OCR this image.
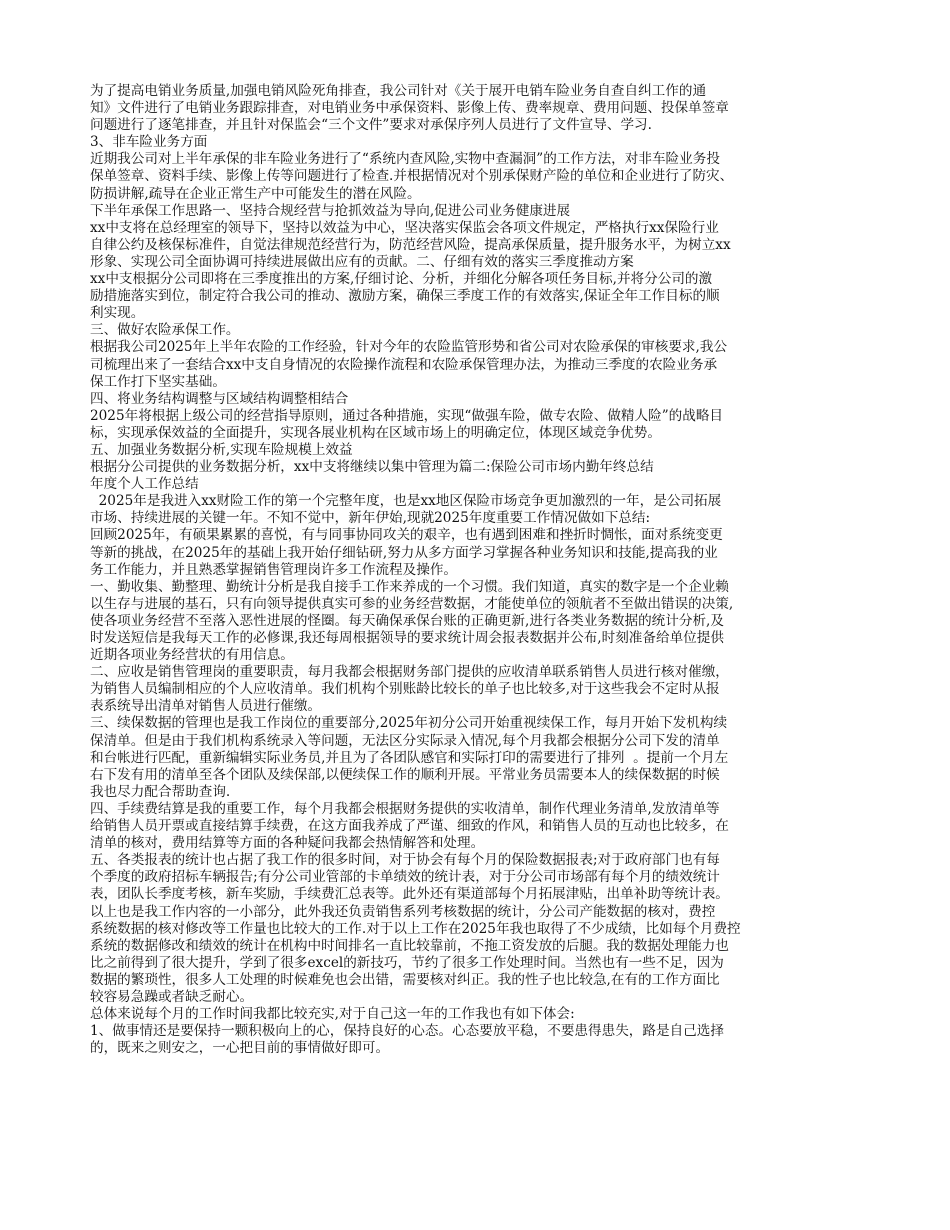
为了提高电销业务质量,加强电销风险死角排查，我公司针对《关于展开电销车险业务自查自纠工作的通
知》文件进行了电销业务跟踪排查，对电销业务中承保资料、影像上传、费率规章、费用问题、投保单签章
问题进行了逐笔排查，并且针对保监会“三个文件”要求对承保序列人员进行了文件宣导、学习.
3、非车险业务方面
近期我公司对上半年承保的非车险业务进行了“系统内查风险,实物中查漏洞”的工作方法，对非车险业务投
保单签章、资料手续、影像上传等问题进行了检查.并根据情况对个别承保财产险的单位和企业进行了防灾、
防损讲解,疏导在企业正常生产中可能发生的潜在风险。
下半年承保工作思路一、坚持合规经营与抢抓效益为导向,促进公司业务健康进展
xx中支将在总经理室的领导下，坚持以效益为中心，坚决落实保监会各项文件规定，严格执行xx保险行业
自律公约及核保标准件，自觉法律规范经营行为，防范经营风险，提高承保质量，提升服务水平，为树立xx
形象、实现公司全面协调可持续进展做出应有的贡献。二、仔细有效的落实三季度推动方案
xx中支根据分公司即将在三季度推出的方案,仔细讨论、分析，并细化分解各项任务目标,并将分公司的激
励措施落实到位，制定符合我公司的推动、激励方案，确保三季度工作的有效落实,保证全年工作目标的顺
利实现。
三、做好农险承保工作。
根据我公司2025年上半年农险的工作经验，针对今年的农险监管形势和省公司对农险承保的审核要求,我公
司梳理出来了一套结合xx中支自身情况的农险操作流程和农险承保管理办法，为推动三季度的农险业务承
保工作打下坚实基础。
四、将业务结构调整与区域结构调整相结合
2025年将根据上级公司的经营指导原则，通过各种措施，实现“做强车险，做专农险、做精人险”的战略目
标，实现承保效益的全面提升，实现各展业机构在区域市场上的明确定位，体现区域竞争优势。
五、加强业务数据分析,实现车险规模上效益
根据分公司提供的业务数据分析，xx中支将继续以集中管理为篇二:保险公司市场内勤年终总结
年度个人工作总结
2025年是我进入xx财险工作的第一个完整年度，也是xx地区保险市场竞争更加激烈的一年，是公司拓展
市场、持续进展的关键一年。不知不觉中，新年伊始,现就2025年度重要工作情况做如下总结:
回顾2025年，有硕果累累的喜悦，有与同事协同攻关的艰辛，也有遇到困难和挫折时惆怅，面对系统变更
等新的挑战，在2025年的基础上我开始仔细钻研,努力从多方面学习掌握各种业务知识和技能,提高我的业
务工作能力，并且熟悉掌握销售管理岗许多工作流程及操作。
一、勤收集、勤整理、勤统计分析是我自接手工作来养成的一个习惯。我们知道，真实的数字是一个企业赖
以生存与进展的基石，只有向领导提供真实可参的业务经营数据，才能使单位的领航者不至做出错误的决策,
使各项业务经营不至落入恶性进展的怪圈。每天确保承保台账的正确更新,进行各类业务数据的统计分析,及
时发送短信是我每天工作的必修课,我还每周根据领导的要求统计周会报表数据并公布,时刻准备给单位提供
近期各项业务经营状的有用信息。
二、应收是销售管理岗的重要职责，每月我都会根据财务部门提供的应收清单联系销售人员进行核对催缴，
为销售人员编制相应的个人应收清单。我们机构个别账龄比较长的单子也比较多,对于这些我会不定时从报
表系统导出清单对销售人员进行催缴。
三、续保数据的管理也是我工作岗位的重要部分,2025年初分公司开始重视续保工作，每月开始下发机构续
保清单。但是由于我们机构系统录入等问题，无法区分实际录入情况,每个月我都会根据分公司下发的清单
和台帐进行匹配，重新编辑实际业务员,并且为了各团队感官和实际打印的需要进行了排列  。提前一个月左
右下发有用的清单至各个团队及续保部,以便续保工作的顺利开展。平常业务员需要本人的续保数据的时候
我也尽力配合帮助查询.
四、手续费结算是我的重要工作，每个月我都会根据财务提供的实收清单，制作代理业务清单,发放清单等
给销售人员开票或直接结算手续费，在这方面我养成了严谨、细致的作风，和销售人员的互动也比较多，在
清单的核对，费用结算等方面的各种疑问我都会热情解答和处理。
五、各类报表的统计也占据了我工作的很多时间，对于协会有每个月的保险数据报表;对于政府部门也有每
个季度的政府招标车辆报告;有分公司业管部的卡单绩效的统计表，对于分公司市场部有每个月的绩效统计
表，团队长季度考核，新车奖励，手续费汇总表等。此外还有渠道部每个月拓展津贴，出单补助等统计表。
以上也是我工作内容的一小部分，此外我还负责销售系列考核数据的统计，分公司产能数据的核对，费控
系统数据的核对修改等工作量也比较大的工作.对于以上工作在2025年我也取得了不少成绩，比如每个月费控
系统的数据修改和绩效的统计在机构中时间排名一直比较靠前，不拖工资发放的后腿。我的数据处理能力也
比之前得到了很大提升，学到了很多excel的新技巧，节约了很多工作处理时间。当然也有一些不足，因为
数据的繁琐性，很多人工处理的时候难免也会出错，需要核对纠正。我的性子也比较急,在有的工作方面比
较容易急躁或者缺乏耐心。
总体来说每个月的工作时间我都比较充实,对于自己这一年的工作我也有如下体会:
1、做事情还是要保持一颗积极向上的心，保持良好的心态。心态要放平稳，不要患得患失，路是自己选择
的，既来之则安之，一心把目前的事情做好即可。
